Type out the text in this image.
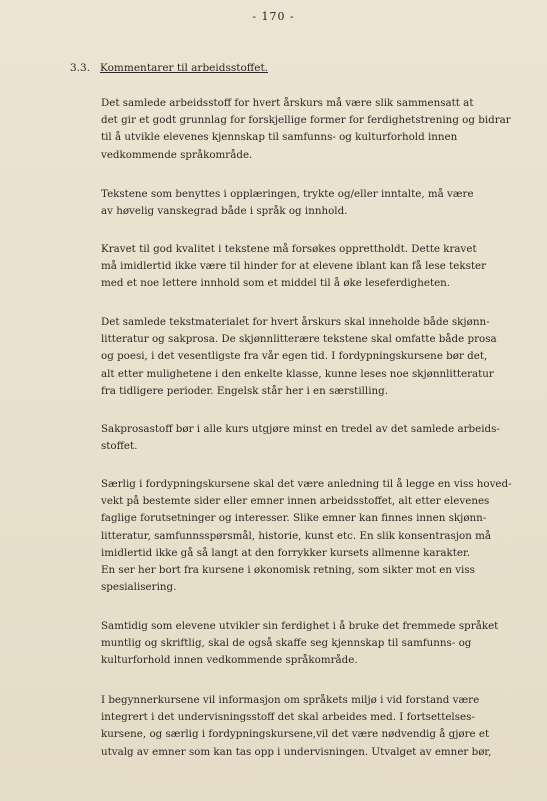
- 170 -
3.3. Kommentarer til arbeidsstoffet.
Det samlede arbeidsstoff for hvert årskurs må være slik sammensatt at
det gir et godt grunnlag for forskjellige former for ferdighetstrening og bidrar
til å utvikle elevenes kjennskap til samfunns- og kulturforhold innen
vedkommende språkområde.
Tekstene som benyttes i opplæringen, trykte og/eller inntalte, må være
av høvelig vanskegrad både i språk og innhold.
Kravet til god kvalitet i tekstene må forsøkes opprettholdt. Dette kravet
må imidlertid ikke være til hinder for at elevene iblant kan få lese tekster
med et noe lettere innhold som et middel til å øke leseferdigheten.
Det samlede tekstmaterialet for hvert årskurs skal inneholde både skjønn-
litteratur og sakprosa. De skjønnlitterære tekstene skal omfatte både prosa
og poesi, i det vesentligste fra vår egen tid. I fordypningskursene bør det,
alt etter mulighetene i den enkelte klasse, kunne leses noe skjønnlitteratur
fra tidligere perioder. Engelsk står her i en særstilling.
Sakprosastoff bør i alle kurs utgjøre minst en tredel av det samlede arbeids-
stoffet.
Særlig i fordypningskursene skal det være anledning til å legge en viss hoved-
vekt på bestemte sider eller emner innen arbeidsstoffet, alt etter elevenes
faglige forutsetninger og interesser. Slike emner kan finnes innen skjønn-
litteratur, samfunnsspørsmål, historie, kunst etc. En slik konsentrasjon må
imidlertid ikke gå så langt at den forrykker kursets allmenne karakter.
En ser her bort fra kursene i økonomisk retning, som sikter mot en viss
spesialisering.
Samtidig som elevene utvikler sin ferdighet i å bruke det fremmede språket
muntlig og skriftlig, skal de også skaffe seg kjennskap til samfunns- og
kulturforhold innen vedkommende språkområde.
I begynnerkursene vil informasjon om språkets miljø i vid forstand være
integrert i det undervisningsstoff det skal arbeides med. I fortsettelses-
kursene, og særlig i fordypningskursene,vil det være nødvendig å gjøre et
utvalg av emner som kan tas opp i undervisningen. Utvalget av emner bør,
